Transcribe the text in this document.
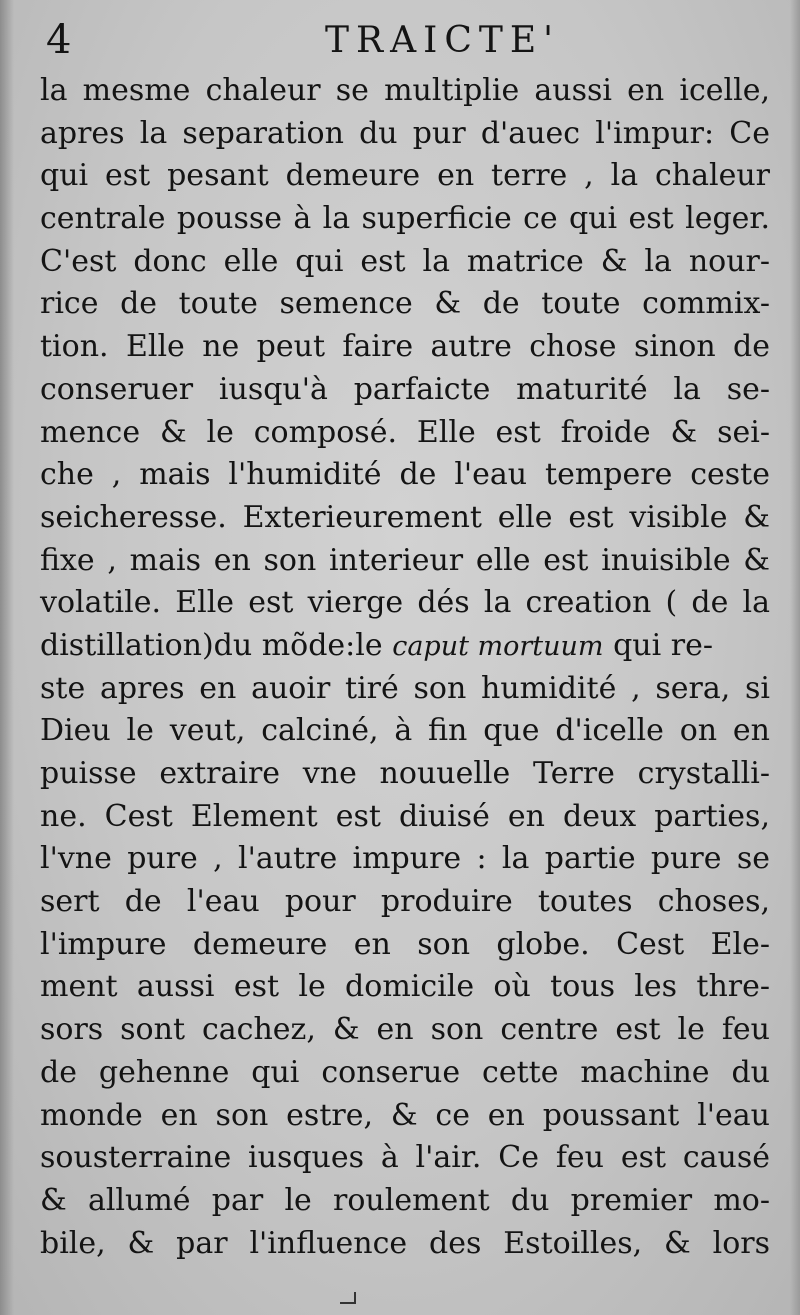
4	TRAICTE'
la mesme chaleur se multiplie aussi en icelle,
apres la separation du pur d'auec l'impur: Ce
qui est pesant demeure en terre , la chaleur
centrale pousse à la superficie ce qui est leger.
C'est donc elle qui est la matrice & la nour-
rice de toute semence & de toute commix-
tion. Elle ne peut faire autre chose sinon de
conseruer iusqu'à parfaicte maturité la se-
mence & le composé. Elle est froide & sei-
che , mais l'humidité de l'eau tempere ceste
seicheresse. Exterieurement elle est visible &
fixe , mais en son interieur elle est inuisible &
volatile. Elle est vierge dés la creation ( de la
distillation)du mõde:le caput mortuum qui re-
ste apres en auoir tiré son humidité , sera, si
Dieu le veut, calciné, à fin que d'icelle on en
puisse extraire vne nouuelle Terre crystalli-
ne. Cest Element est diuisé en deux parties,
l'vne pure , l'autre impure : la partie pure se
sert de l'eau pour produire toutes choses,
l'impure demeure en son globe. Cest Ele-
ment aussi est le domicile où tous les thre-
sors sont cachez, & en son centre est le feu
de gehenne qui conserue cette machine du
monde en son estre, & ce en poussant l'eau
sousterraine iusques à l'air. Ce feu est causé
& allumé par le roulement du premier mo-
bile, & par l'influence des Estoilles, & lors
